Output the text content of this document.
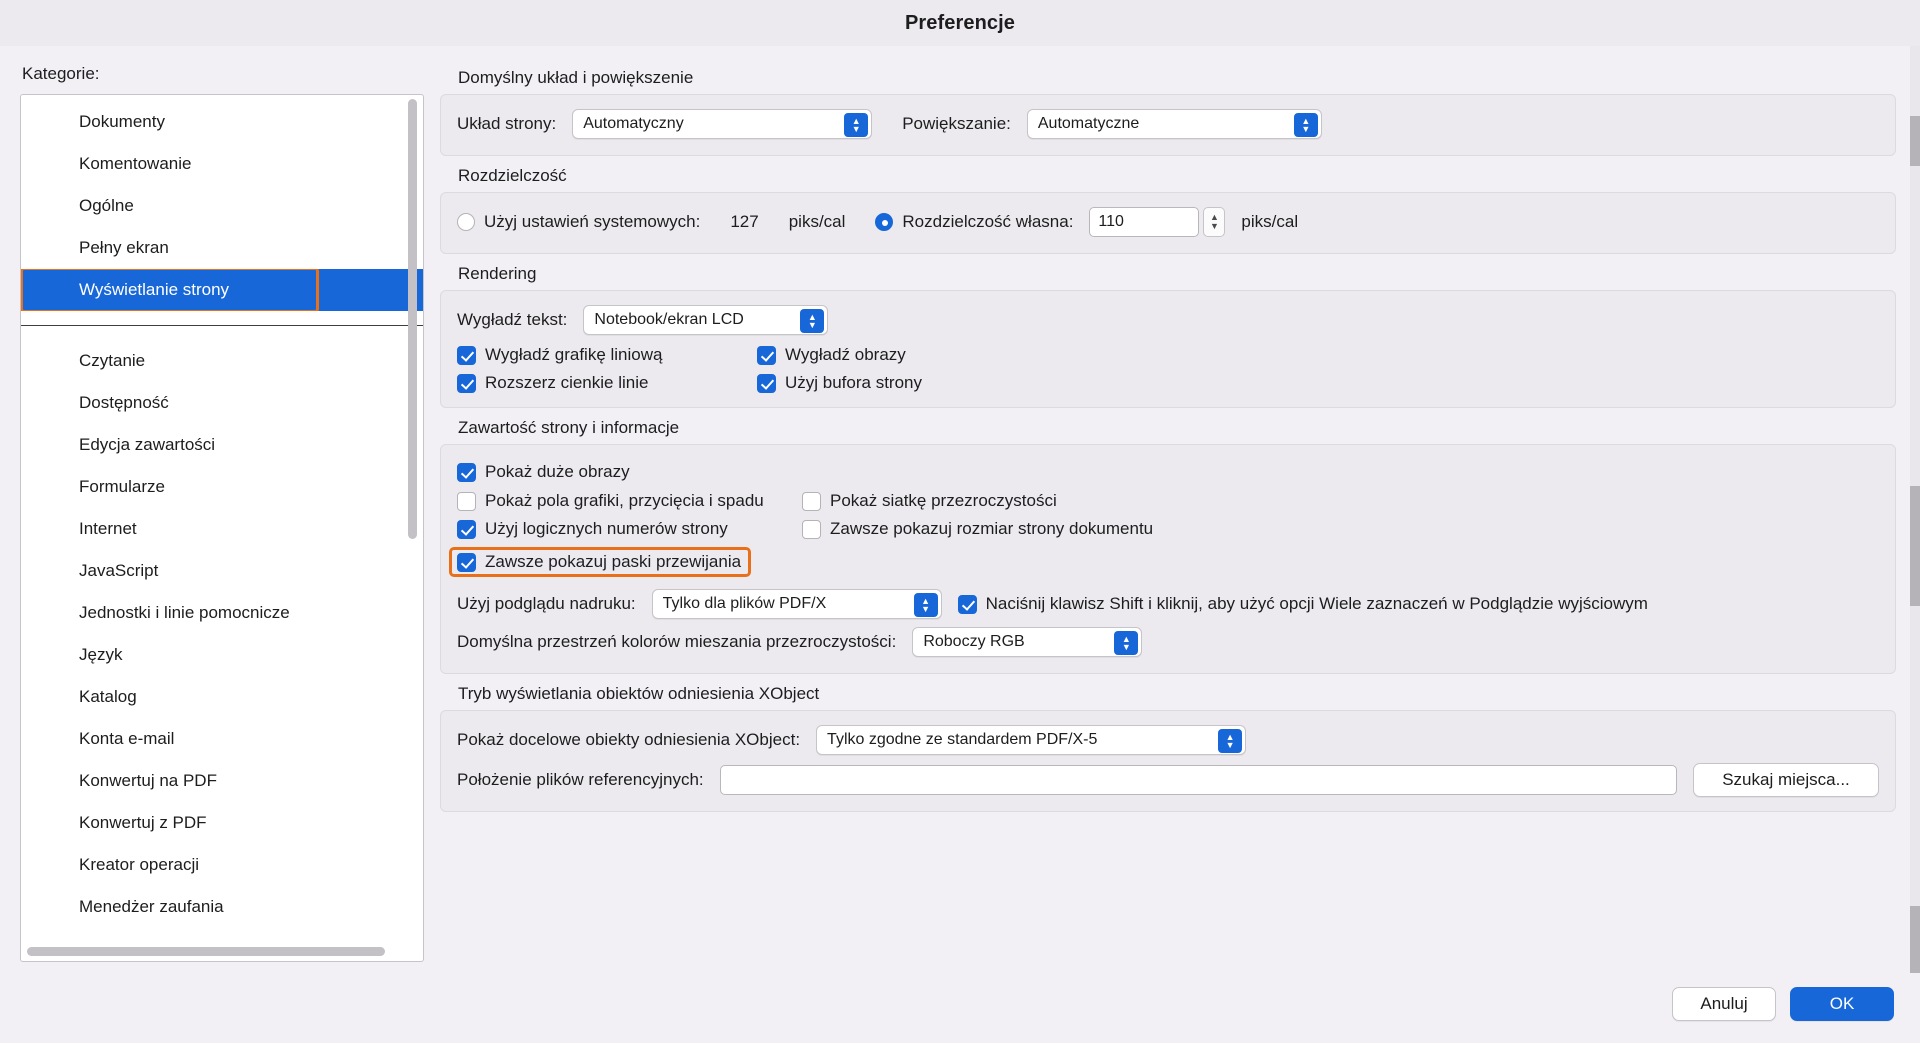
Preferencje
Kategorie:
Dokumenty
Komentowanie
Ogólne
Pełny ekran
Wyświetlanie strony
Czytanie
Dostępność
Edycja zawartości
Formularze
Internet
JavaScript
Jednostki i linie pomocnicze
Język
Katalog
Konta e-mail
Konwertuj na PDF
Konwertuj z PDF
Kreator operacji
Menedżer zaufania
Domyślny układ i powiększenie
Układ strony: Automatyczny	▲
▼	Powiększanie: Automatyczne	▲
▼
Rozdzielczość
Użyj ustawień systemowych: 127 piks/cal	Rozdzielczość własna:	110	▲
▼	piks/cal
Rendering
Wygładź tekst: Notebook/ekran LCD	▲
▼
Wygładź grafikę liniową	Wygładź obrazy
Rozszerz cienkie linie	Użyj bufora strony
Zawartość strony i informacje
Pokaż duże obrazy
Pokaż pola grafiki, przycięcia i spadu	Pokaż siatkę przezroczystości
Użyj logicznych numerów strony	Zawsze pokazuj rozmiar strony dokumentu
Zawsze pokazuj paski przewijania
Użyj podglądu nadruku: Tylko dla plików PDF/X	▲
▼	Naciśnij klawisz Shift i kliknij, aby użyć opcji Wiele zaznaczeń w Podglądzie wyjściowym
Domyślna przestrzeń kolorów mieszania przezroczystości: Roboczy RGB	▲
▼
Tryb wyświetlania obiektów odniesienia XObject
Pokaż docelowe obiekty odniesienia XObject: Tylko zgodne ze standardem PDF/X-5	▲
▼
Położenie plików referencyjnych:	Szukaj miejsca...
Anuluj	OK
